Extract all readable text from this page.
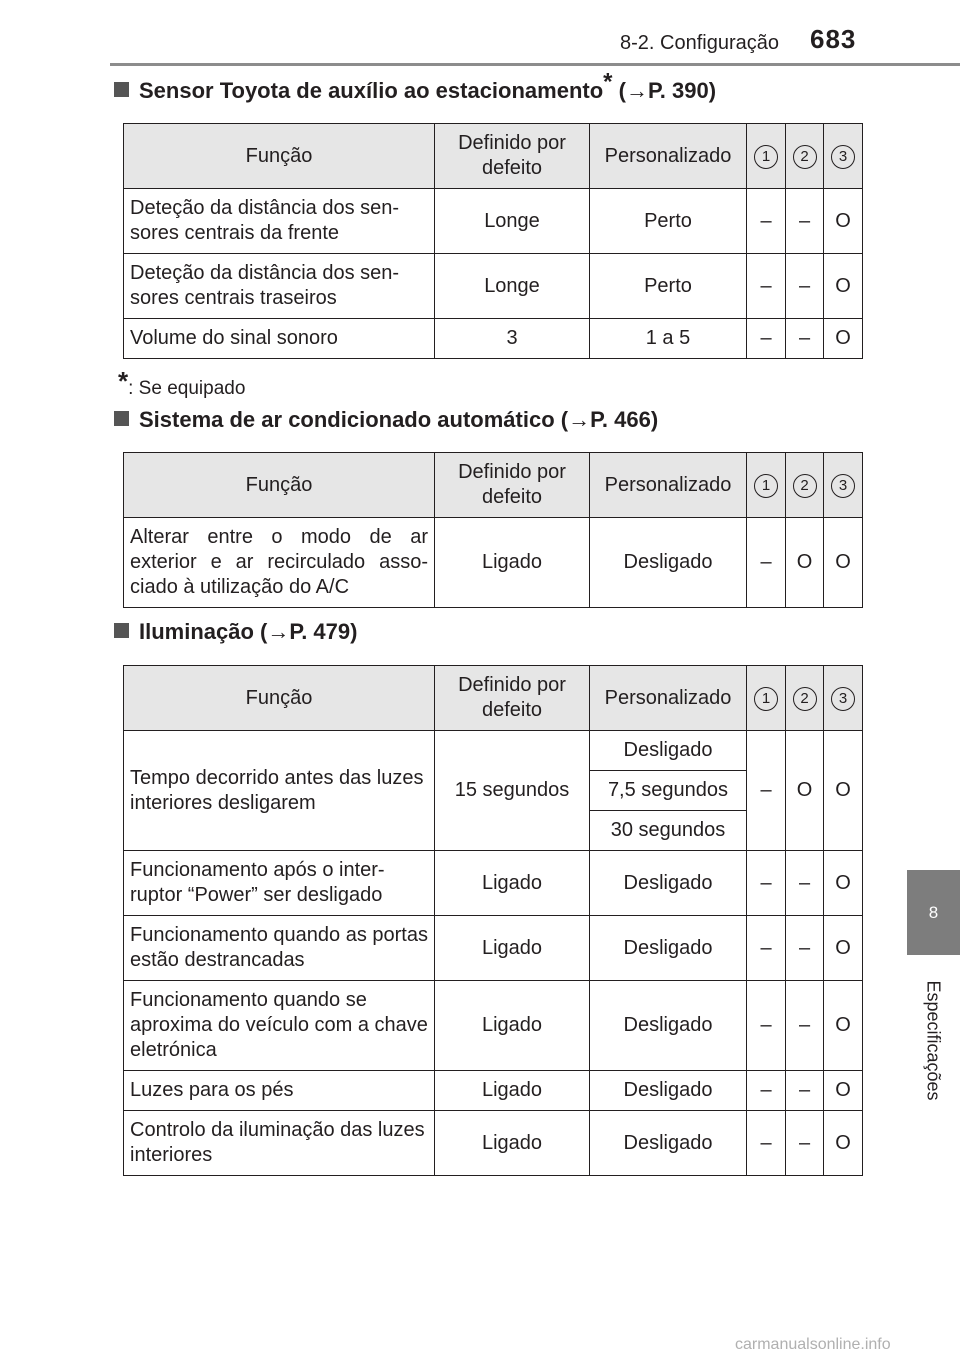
8-2. Configuração 683
8
Especificações
Sensor Toyota de auxílio ao estacionamento* (→P. 390)
Função	Definido por defeito	Personalizado	1	2	3
Deteção da distância dos sen- sores centrais da frente	Longe	Perto	–	–	O
Deteção da distância dos sen- sores centrais traseiros	Longe	Perto	–	–	O
Volume do sinal sonoro	3	1 a 5	–	–	O
*: Se equipado
Sistema de ar condicionado automático (→P. 466)
Função	Definido por defeito	Personalizado	1	2	3
Alterar entre o modo de ar exterior e ar recirculado asso- ciado à utilização do A/C	Ligado	Desligado	–	O	O
Iluminação (→P. 479)
Função	Definido por defeito	Personalizado	1	2	3
Tempo decorrido antes das luzes interiores desligarem	15 segundos	Desligado	–	O	O
		7,5 segundos			
		30 segundos			
Funcionamento após o inter- ruptor “Power” ser desligado	Ligado	Desligado	–	–	O
Funcionamento quando as portas estão destrancadas	Ligado	Desligado	–	–	O
Funcionamento quando se aproxima do veículo com a chave eletrónica	Ligado	Desligado	–	–	O
Luzes para os pés	Ligado	Desligado	–	–	O
Controlo da iluminação das luzes interiores	Ligado	Desligado	–	–	O
carmanualsonline.info
